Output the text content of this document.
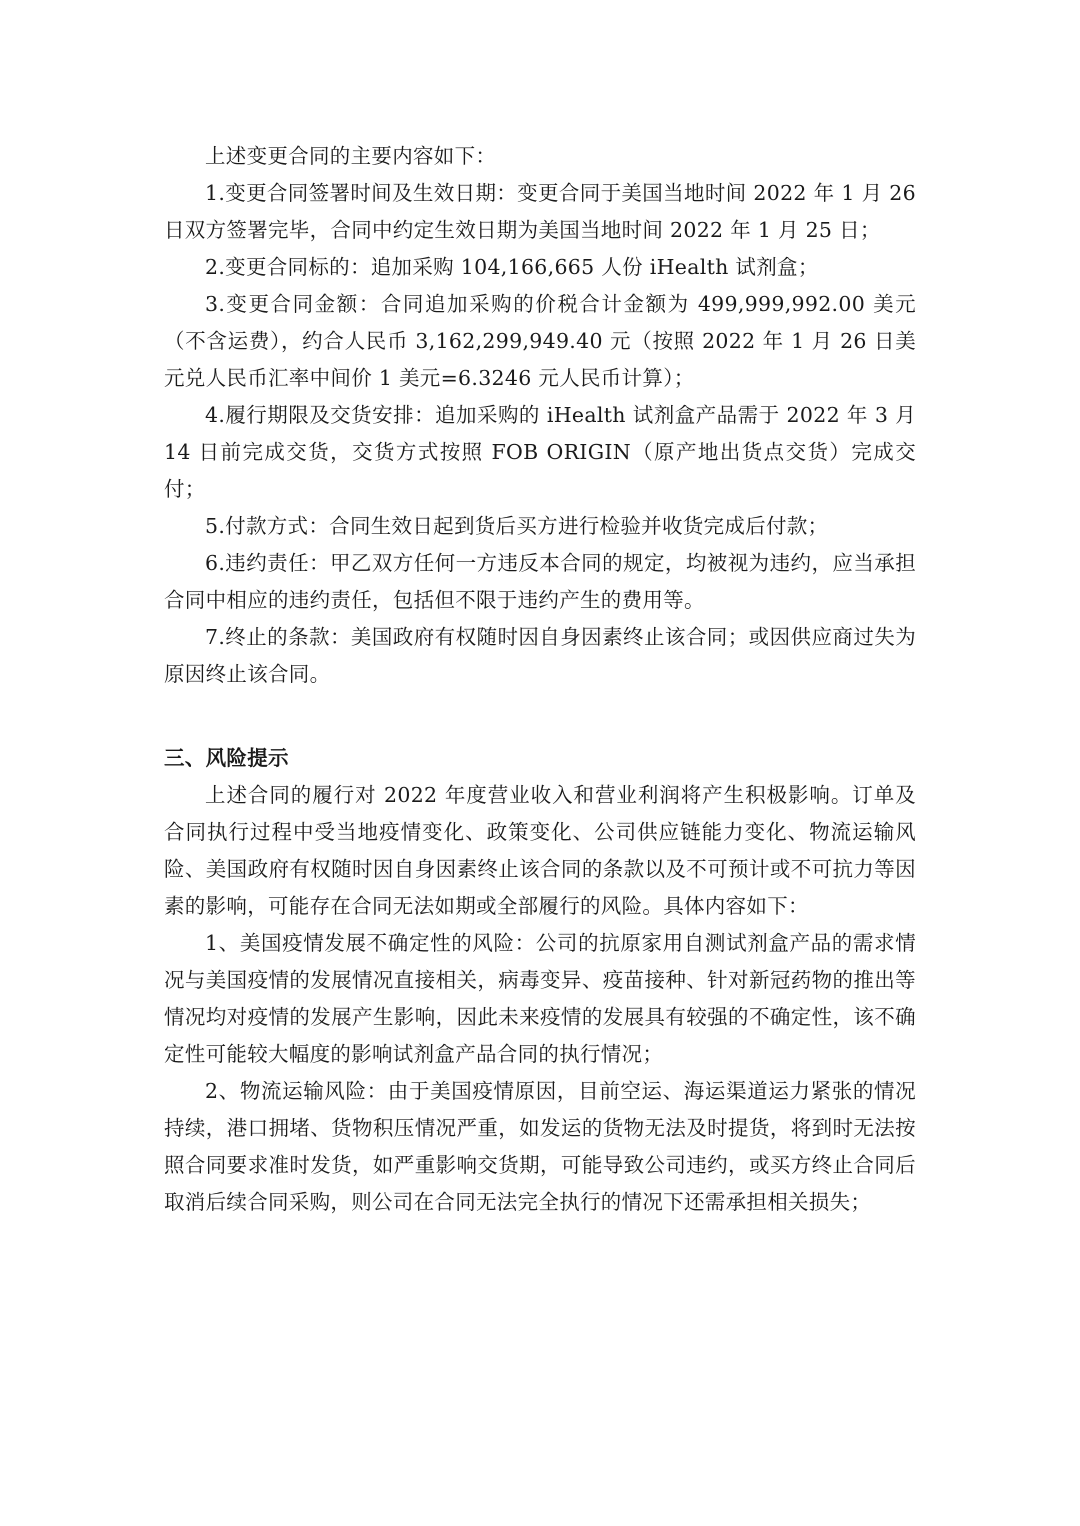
上述变更合同的主要内容如下：

1.变更合同签署时间及生效日期：变更合同于美国当地时间 2022 年 1 月 26 日双方签署完毕，合同中约定生效日期为美国当地时间 2022 年 1 月 25 日；

2.变更合同标的：追加采购 104,166,665 人份 iHealth 试剂盒；

3.变更合同金额：合同追加采购的价税合计金额为 499,999,992.00 美元（不含运费），约合人民币 3,162,299,949.40 元（按照 2022 年 1 月 26 日美元兑人民币汇率中间价 1 美元=6.3246 元人民币计算）；

4.履行期限及交货安排：追加采购的 iHealth 试剂盒产品需于 2022 年 3 月 14 日前完成交货，交货方式按照 FOB ORIGIN（原产地出货点交货）完成交付；

5.付款方式：合同生效日起到货后买方进行检验并收货完成后付款；

6.违约责任：甲乙双方任何一方违反本合同的规定，均被视为违约，应当承担合同中相应的违约责任，包括但不限于违约产生的费用等。

7.终止的条款：美国政府有权随时因自身因素终止该合同；或因供应商过失为原因终止该合同。

三、风险提示

上述合同的履行对 2022 年度营业收入和营业利润将产生积极影响。订单及合同执行过程中受当地疫情变化、政策变化、公司供应链能力变化、物流运输风险、美国政府有权随时因自身因素终止该合同的条款以及不可预计或不可抗力等因素的影响，可能存在合同无法如期或全部履行的风险。具体内容如下：

1、美国疫情发展不确定性的风险：公司的抗原家用自测试剂盒产品的需求情况与美国疫情的发展情况直接相关，病毒变异、疫苗接种、针对新冠药物的推出等情况均对疫情的发展产生影响，因此未来疫情的发展具有较强的不确定性，该不确定性可能较大幅度的影响试剂盒产品合同的执行情况；

2、物流运输风险：由于美国疫情原因，目前空运、海运渠道运力紧张的情况持续，港口拥堵、货物积压情况严重，如发运的货物无法及时提货，将到时无法按照合同要求准时发货，如严重影响交货期，可能导致公司违约，或买方终止合同后取消后续合同采购，则公司在合同无法完全执行的情况下还需承担相关损失；
